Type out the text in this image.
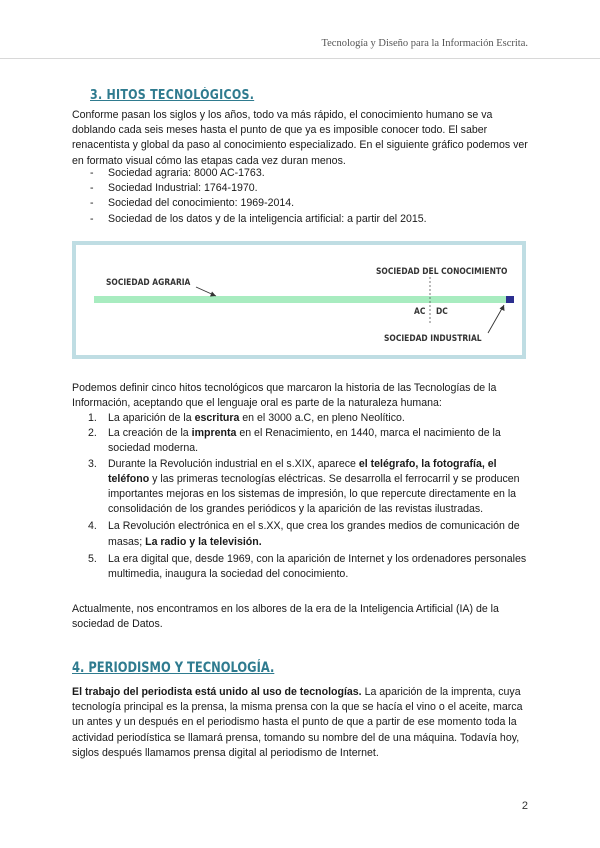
Tecnología y Diseño para la Información Escrita.
3. HITOS TECNOLÓGICOS.

Conforme pasan los siglos y los años, todo va más rápido, el conocimiento humano se va doblando cada seis meses hasta el punto de que ya es imposible conocer todo. El saber renacentista y global da paso al conocimiento especializado. En el siguiente gráfico podemos ver en formato visual cómo las etapas cada vez duran menos.

- Sociedad agraria: 8000 AC-1763.
- Sociedad Industrial: 1764-1970.
- Sociedad del conocimiento: 1969-2014.
- Sociedad de los datos y de la inteligencia artificial: a partir del 2015.
SOCIEDAD AGRARIA
SOCIEDAD DEL CONOCIMIENTO
AC DC
SOCIEDAD INDUSTRIAL

Podemos definir cinco hitos tecnológicos que marcaron la historia de las Tecnologías de la Información, aceptando que el lenguaje oral es parte de la naturaleza humana:

1. La aparición de la escritura en el 3000 a.C, en pleno Neolítico.
2. La creación de la imprenta en el Renacimiento, en 1440, marca el nacimiento de la sociedad moderna.
3. Durante la Revolución industrial en el s.XIX, aparece el telégrafo, la fotografía, el teléfono y las primeras tecnologías eléctricas. Se desarrolla el ferrocarril y se producen importantes mejoras en los sistemas de impresión, lo que repercute directamente en la consolidación de los grandes periódicos y la aparición de las revistas ilustradas.
4. La Revolución electrónica en el s.XX, que crea los grandes medios de comunicación de masas; La radio y la televisión.
5. La era digital que, desde 1969, con la aparición de Internet y los ordenadores personales multimedia, inaugura la sociedad del conocimiento.

Actualmente, nos encontramos en los albores de la era de la Inteligencia Artificial (IA) de la sociedad de Datos.

4. PERIODISMO Y TECNOLOGÍA.

El trabajo del periodista está unido al uso de tecnologías. La aparición de la imprenta, cuya tecnología principal es la prensa, la misma prensa con la que se hacía el vino o el aceite, marca un antes y un después en el periodismo hasta el punto de que a partir de ese momento toda la actividad periodística se llamará prensa, tomando su nombre del de una máquina. Todavía hoy, siglos después llamamos prensa digital al periodismo de Internet.

2
